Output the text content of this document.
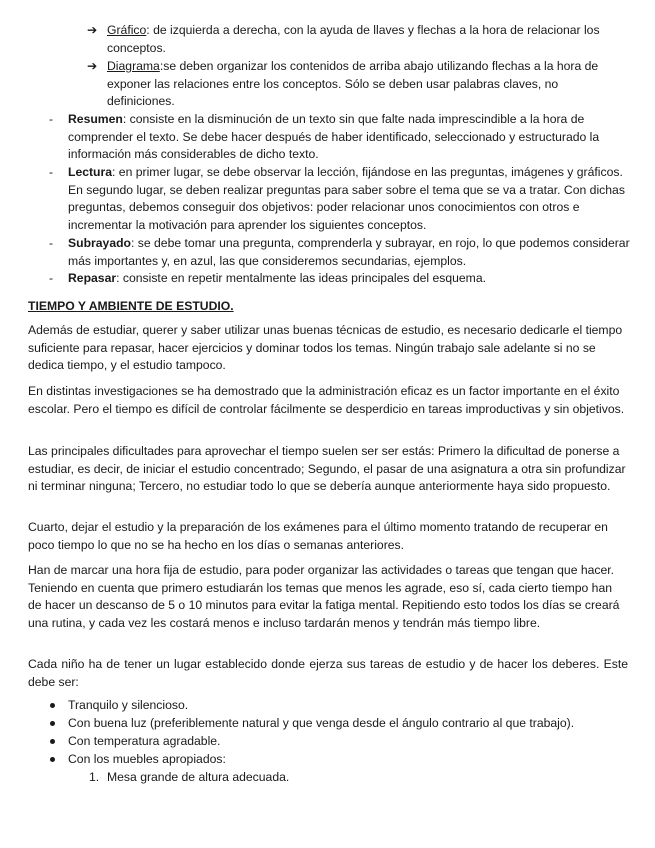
➔ Gráfico: de izquierda a derecha, con la ayuda de llaves y flechas a la hora de relacionar los conceptos.
➔ Diagrama:se deben organizar los contenidos de arriba abajo utilizando flechas a la hora de exponer las relaciones entre los conceptos. Sólo se deben usar palabras claves, no definiciones.
- Resumen: consiste en la disminución de un texto sin que falte nada imprescindible a la hora de comprender el texto. Se debe hacer después de haber identificado, seleccionado y estructurado la información más considerables de dicho texto.
- Lectura: en primer lugar, se debe observar la lección, fijándose en las preguntas, imágenes y gráficos. En segundo lugar, se deben realizar preguntas para saber sobre el tema que se va a tratar. Con dichas preguntas, debemos conseguir dos objetivos: poder relacionar unos conocimientos con otros e incrementar la motivación para aprender los siguientes conceptos.
- Subrayado: se debe tomar una pregunta, comprenderla y subrayar, en rojo, lo que podemos considerar más importantes y, en azul, las que consideremos secundarias, ejemplos.
- Repasar: consiste en repetir mentalmente las ideas principales del esquema.
TIEMPO Y AMBIENTE DE ESTUDIO.
Además de estudiar, querer y saber utilizar unas buenas técnicas de estudio, es necesario dedicarle el tiempo suficiente para repasar, hacer ejercicios y dominar todos los temas. Ningún trabajo sale adelante si no se dedica tiempo, y el estudio tampoco.
En distintas investigaciones se ha demostrado que la administración eficaz es un factor importante en el éxito escolar. Pero el tiempo es difícil de controlar fácilmente se desperdicio en tareas improductivas y sin objetivos.
Las principales dificultades para aprovechar el tiempo suelen ser ser estás: Primero la dificultad de ponerse a estudiar, es decir, de iniciar el estudio concentrado; Segundo, el pasar de una asignatura a otra sin profundizar ni terminar ninguna; Tercero, no estudiar todo lo que se debería aunque anteriormente haya sido propuesto.
Cuarto, dejar el estudio y la preparación de los exámenes para el último momento tratando de recuperar en poco tiempo lo que no se ha hecho en los días o semanas anteriores.
Han de marcar una hora fija de estudio, para poder organizar las actividades o tareas que tengan que hacer. Teniendo en cuenta que primero estudiarán los temas que menos les agrade, eso sí, cada cierto tiempo han de hacer un descanso de 5 o 10 minutos para evitar la fatiga mental. Repitiendo esto todos los días se creará una rutina, y cada vez les costará menos e incluso tardarán menos y tendrán más tiempo libre.
Cada niño ha de tener un lugar establecido donde ejerza sus tareas de estudio y de hacer los deberes. Este debe ser:
Tranquilo y silencioso.
Con buena luz (preferiblemente natural y que venga desde el ángulo contrario al que trabajo).
Con temperatura agradable.
Con los muebles apropiados:
1. Mesa grande de altura adecuada.
